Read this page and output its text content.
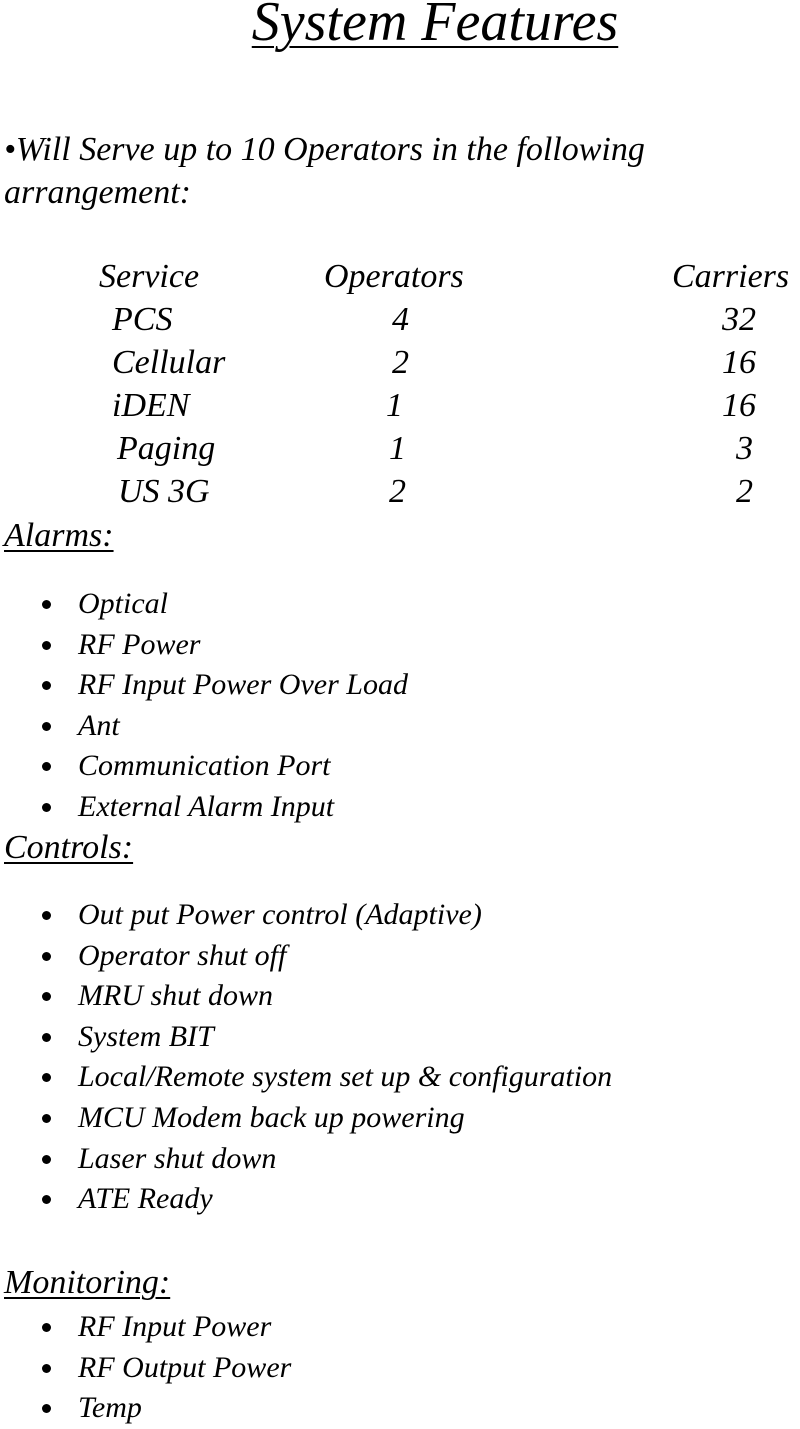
System Features
•Will Serve up to 10 Operators in the following
arrangement:
Service	Operators	Carriers
PCS	4	32
Cellular	2	16
iDEN	1	16
Paging	1	3
US 3G	2	2
Alarms:
Optical
RF Power
RF Input Power Over Load
Ant
Communication Port
External Alarm Input
Controls:
Out put Power control (Adaptive)
Operator shut off
MRU shut down
System BIT
Local/Remote system set up & configuration
MCU Modem back up powering
Laser shut down
ATE Ready
Monitoring:
RF Input Power
RF Output Power
Temp
